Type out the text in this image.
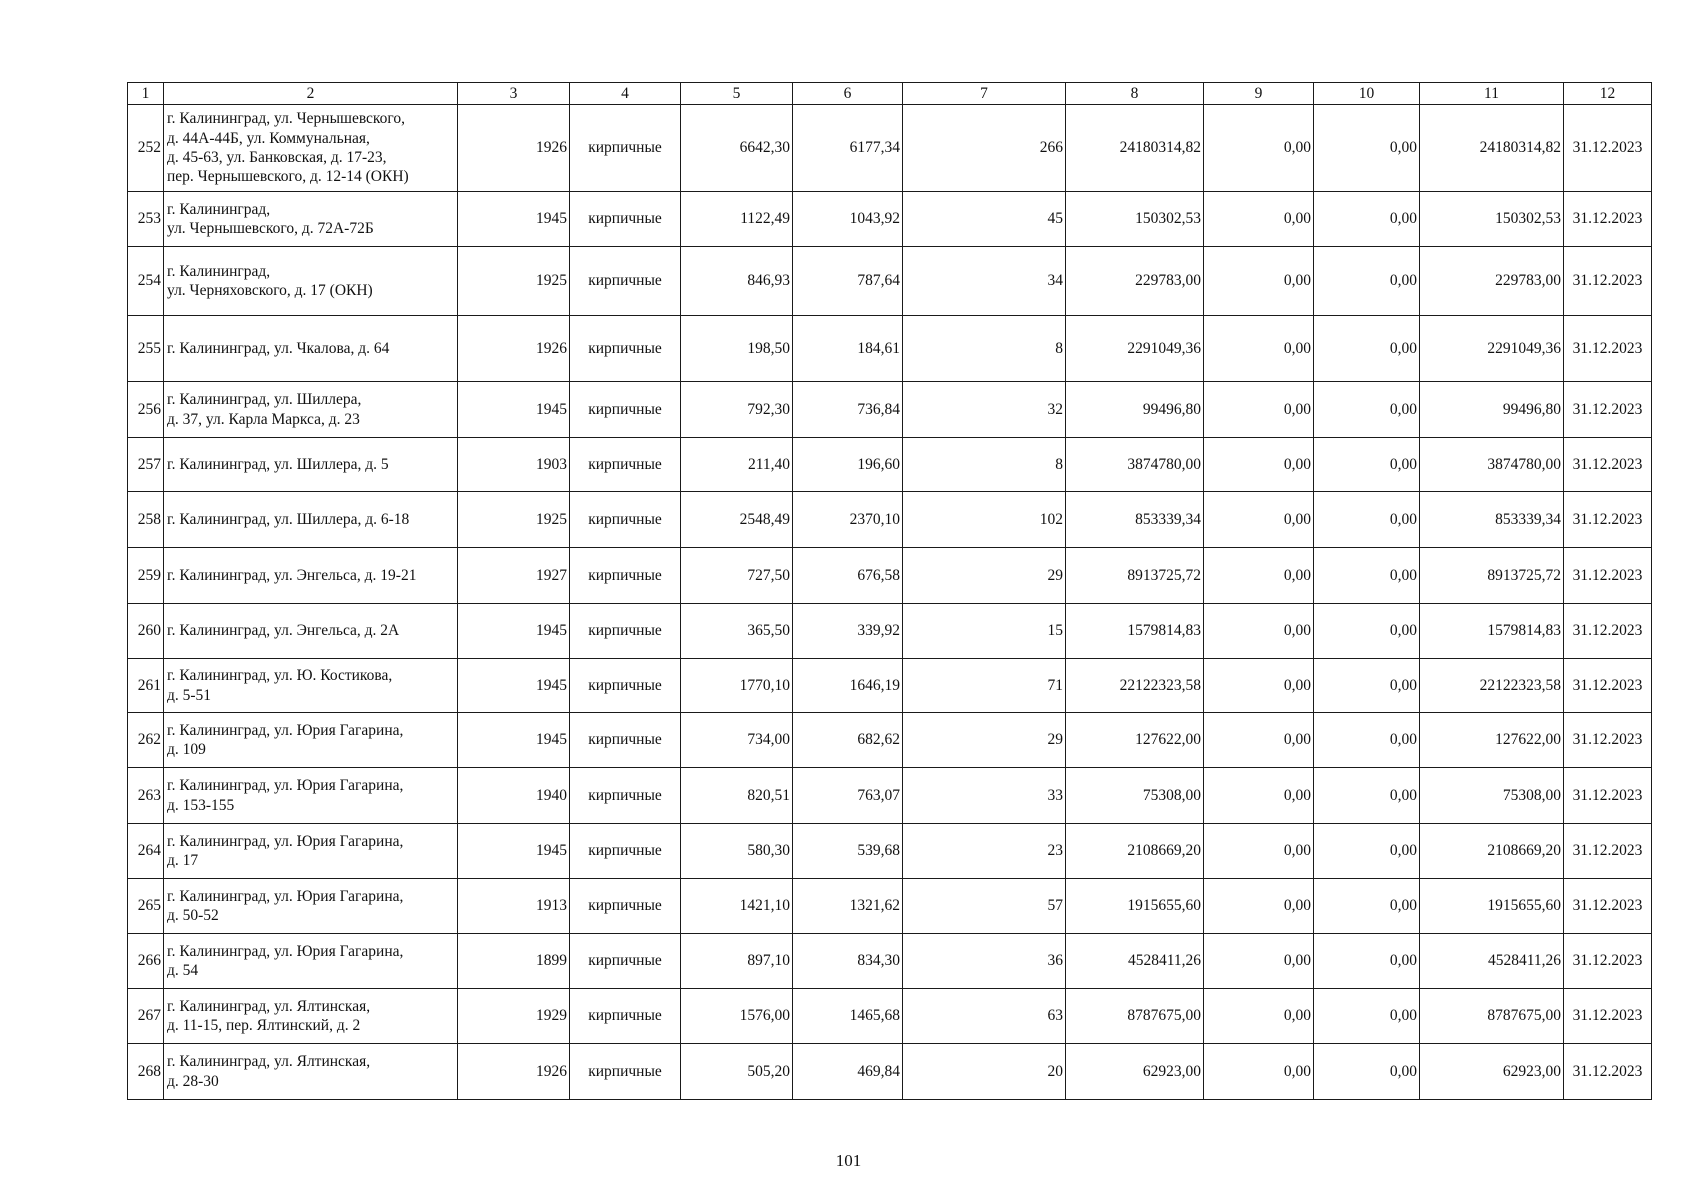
1	2	3	4	5	6	7	8	9	10	11	12
252	г. Калининград, ул. Чернышевского,
д. 44А-44Б, ул. Коммунальная,
д. 45-63, ул. Банковская, д. 17-23,
пер. Чернышевского, д. 12-14 (ОКН)	1926	кирпичные	6642,30	6177,34	266	24180314,82	0,00	0,00	24180314,82	31.12.2023
253	г. Калининград,
ул. Чернышевского, д. 72А-72Б	1945	кирпичные	1122,49	1043,92	45	150302,53	0,00	0,00	150302,53	31.12.2023
254	г. Калининград,
ул. Черняховского, д. 17 (ОКН)	1925	кирпичные	846,93	787,64	34	229783,00	0,00	0,00	229783,00	31.12.2023
255	г. Калининград, ул. Чкалова, д. 64	1926	кирпичные	198,50	184,61	8	2291049,36	0,00	0,00	2291049,36	31.12.2023
256	г. Калининград, ул. Шиллера,
д. 37, ул. Карла Маркса, д. 23	1945	кирпичные	792,30	736,84	32	99496,80	0,00	0,00	99496,80	31.12.2023
257	г. Калининград, ул. Шиллера, д. 5	1903	кирпичные	211,40	196,60	8	3874780,00	0,00	0,00	3874780,00	31.12.2023
258	г. Калининград, ул. Шиллера, д. 6-18	1925	кирпичные	2548,49	2370,10	102	853339,34	0,00	0,00	853339,34	31.12.2023
259	г. Калининград, ул. Энгельса, д. 19-21	1927	кирпичные	727,50	676,58	29	8913725,72	0,00	0,00	8913725,72	31.12.2023
260	г. Калининград, ул. Энгельса, д. 2А	1945	кирпичные	365,50	339,92	15	1579814,83	0,00	0,00	1579814,83	31.12.2023
261	г. Калининград, ул. Ю. Костикова,
д. 5-51	1945	кирпичные	1770,10	1646,19	71	22122323,58	0,00	0,00	22122323,58	31.12.2023
262	г. Калининград, ул. Юрия Гагарина,
д. 109	1945	кирпичные	734,00	682,62	29	127622,00	0,00	0,00	127622,00	31.12.2023
263	г. Калининград, ул. Юрия Гагарина,
д. 153-155	1940	кирпичные	820,51	763,07	33	75308,00	0,00	0,00	75308,00	31.12.2023
264	г. Калининград, ул. Юрия Гагарина,
д. 17	1945	кирпичные	580,30	539,68	23	2108669,20	0,00	0,00	2108669,20	31.12.2023
265	г. Калининград, ул. Юрия Гагарина,
д. 50-52	1913	кирпичные	1421,10	1321,62	57	1915655,60	0,00	0,00	1915655,60	31.12.2023
266	г. Калининград, ул. Юрия Гагарина,
д. 54	1899	кирпичные	897,10	834,30	36	4528411,26	0,00	0,00	4528411,26	31.12.2023
267	г. Калининград, ул. Ялтинская,
д. 11-15, пер. Ялтинский, д. 2	1929	кирпичные	1576,00	1465,68	63	8787675,00	0,00	0,00	8787675,00	31.12.2023
268	г. Калининград, ул. Ялтинская,
д. 28-30	1926	кирпичные	505,20	469,84	20	62923,00	0,00	0,00	62923,00	31.12.2023
101
